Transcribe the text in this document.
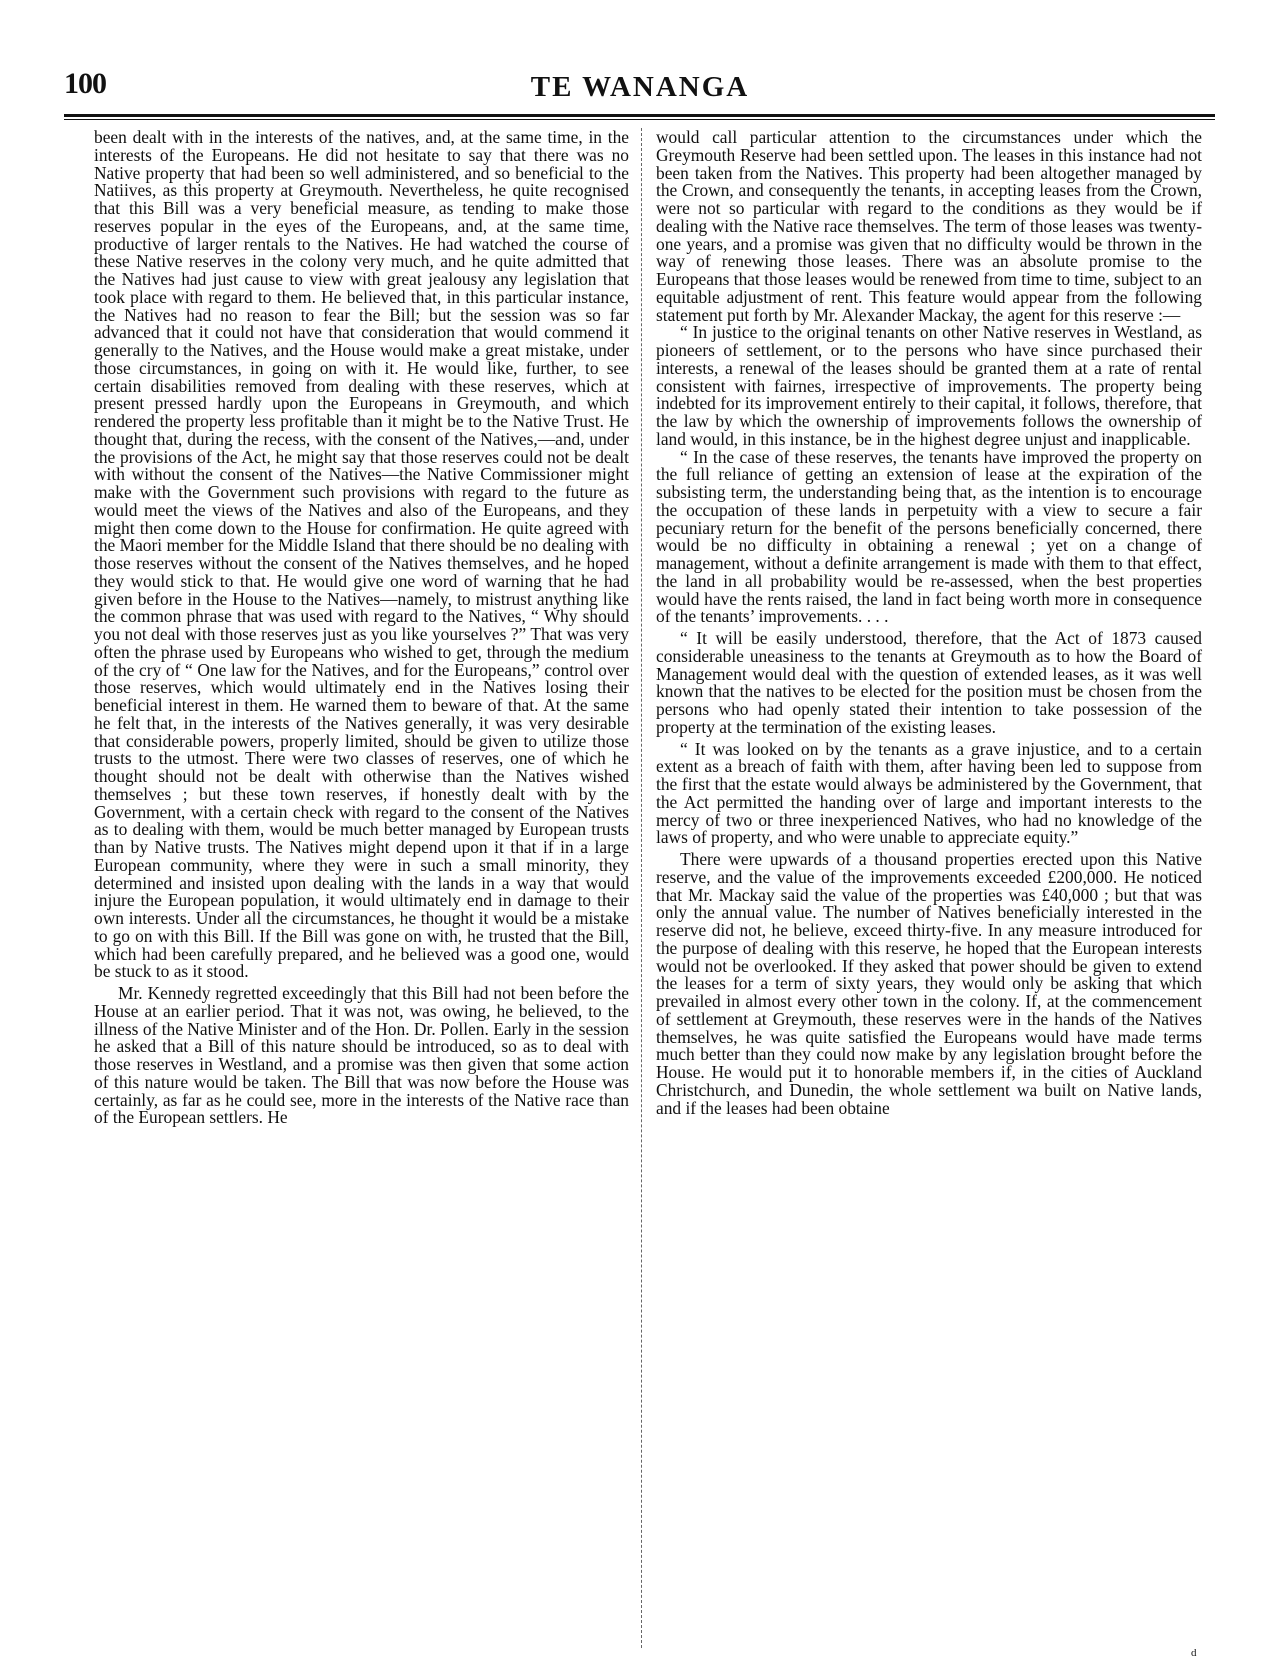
100	TE WANANGA

been dealt with in the interests of the natives, and, at the same time, in the interests of the Europeans. He did not hesitate to say that there was no Native property that had been so well administered, and so beneficial to the Natiives, as this property at Greymouth. Nevertheless, he quite recognised that this Bill was a very beneficial measure, as tending to make those reserves popular in the eyes of the Europeans, and, at the same time, productive of larger rentals to the Natives. He had watched the course of these Native reserves in the colony very much, and he quite admitted that the Natives had just cause to view with great jealousy any legislation that took place with regard to them. He believed that, in this particular instance, the Natives had no reason to fear the Bill; but the session was so far advanced that it could not have that consideration that would commend it generally to the Natives, and the House would make a great mistake, under those circumstances, in going on with it. He would like, further, to see certain disabilities removed from dealing with these reserves, which at present pressed hardly upon the Europeans in Greymouth, and which rendered the property less profitable than it might be to the Native Trust. He thought that, during the recess, with the consent of the Natives,—and, under the provisions of the Act, he might say that those reserves could not be dealt with without the consent of the Natives—the Native Commissioner might make with the Government such provisions with regard to the future as would meet the views of the Natives and also of the Europeans, and they might then come down to the House for confirmation. He quite agreed with the Maori member for the Middle Island that there should be no dealing with those reserves without the consent of the Natives themselves, and he hoped they would stick to that. He would give one word of warning that he had given before in the House to the Natives—namely, to mistrust anything like the common phrase that was used with regard to the Natives, “ Why should you not deal with those reserves just as you like yourselves ?” That was very often the phrase used by Europeans who wished to get, through the medium of the cry of “ One law for the Natives, and for the Europeans,” control over those reserves, which would ultimately end in the Natives losing their beneficial interest in them. He warned them to beware of that. At the same he felt that, in the interests of the Natives generally, it was very desirable that considerable powers, properly limited, should be given to utilize those trusts to the utmost. There were two classes of reserves, one of which he thought should not be dealt with otherwise than the Natives wished themselves ; but these town reserves, if honestly dealt with by the Government, with a certain check with regard to the consent of the Natives as to dealing with them, would be much better managed by European trusts than by Native trusts. The Natives might depend upon it that if in a large European community, where they were in such a small minority, they determined and insisted upon dealing with the lands in a way that would injure the European population, it would ultimately end in damage to their own interests. Under all the circumstances, he thought it would be a mistake to go on with this Bill. If the Bill was gone on with, he trusted that the Bill, which had been carefully prepared, and he believed was a good one, would be stuck to as it stood.

Mr. Kennedy regretted exceedingly that this Bill had not been before the House at an earlier period. That it was not, was owing, he believed, to the illness of the Native Minister and of the Hon. Dr. Pollen. Early in the session he asked that a Bill of this nature should be introduced, so as to deal with those reserves in Westland, and a promise was then given that some action of this nature would be taken. The Bill that was now before the House was certainly, as far as he could see, more in the interests of the Native race than of the European settlers. He

would call particular attention to the circumstances under which the Greymouth Reserve had been settled upon. The leases in this instance had not been taken from the Natives. This property had been altogether managed by the Crown, and consequently the tenants, in accepting leases from the Crown, were not so particular with regard to the conditions as they would be if dealing with the Native race themselves. The term of those leases was twenty-one years, and a promise was given that no difficulty would be thrown in the way of renewing those leases. There was an absolute promise to the Europeans that those leases would be renewed from time to time, subject to an equitable adjustment of rent. This feature would appear from the following statement put forth by Mr. Alexander Mackay, the agent for this reserve :—

“ In justice to the original tenants on other Native reserves in Westland, as pioneers of settlement, or to the persons who have since purchased their interests, a renewal of the leases should be granted them at a rate of rental consistent with fairnes, irrespective of improvements. The property being indebted for its improvement entirely to their capital, it follows, therefore, that the law by which the ownership of improvements follows the ownership of land would, in this instance, be in the highest degree unjust and inapplicable.

“ In the case of these reserves, the tenants have improved the property on the full reliance of getting an extension of lease at the expiration of the subsisting term, the understanding being that, as the intention is to encourage the occupation of these lands in perpetuity with a view to secure a fair pecuniary return for the benefit of the persons beneficially concerned, there would be no difficulty in obtaining a renewal ; yet on a change of management, without a definite arrangement is made with them to that effect, the land in all probability would be re-assessed, when the best properties would have the rents raised, the land in fact being worth more in consequence of the tenants’ improvements. . . .

“ It will be easily understood, therefore, that the Act of 1873 caused considerable uneasiness to the tenants at Greymouth as to how the Board of Management would deal with the question of extended leases, as it was well known that the natives to be elected for the position must be chosen from the persons who had openly stated their intention to take possession of the property at the termination of the existing leases.

“ It was looked on by the tenants as a grave injustice, and to a certain extent as a breach of faith with them, after having been led to suppose from the first that the estate would always be administered by the Government, that the Act permitted the handing over of large and important interests to the mercy of two or three inexperienced Natives, who had no knowledge of the laws of property, and who were unable to appreciate equity.”

There were upwards of a thousand properties erected upon this Native reserve, and the value of the improvements exceeded £200,000. He noticed that Mr. Mackay said the value of the properties was £40,000 ; but that was only the annual value. The number of Natives beneficially interested in the reserve did not, he believe, exceed thirty-five. In any measure introduced for the purpose of dealing with this reserve, he hoped that the European interests would not be overlooked. If they asked that power should be given to extend the leases for a term of sixty years, they would only be asking that which prevailed in almost every other town in the colony. If, at the commencement of settlement at Greymouth, these reserves were in the hands of the Natives themselves, he was quite satisfied the Europeans would have made terms much better than they could now make by any legislation brought before the House. He would put it to honorable members if, in the cities of Auckland Christchurch, and Dunedin, the whole settlement wa built on Native lands, and if the leases had been obtaine

d
